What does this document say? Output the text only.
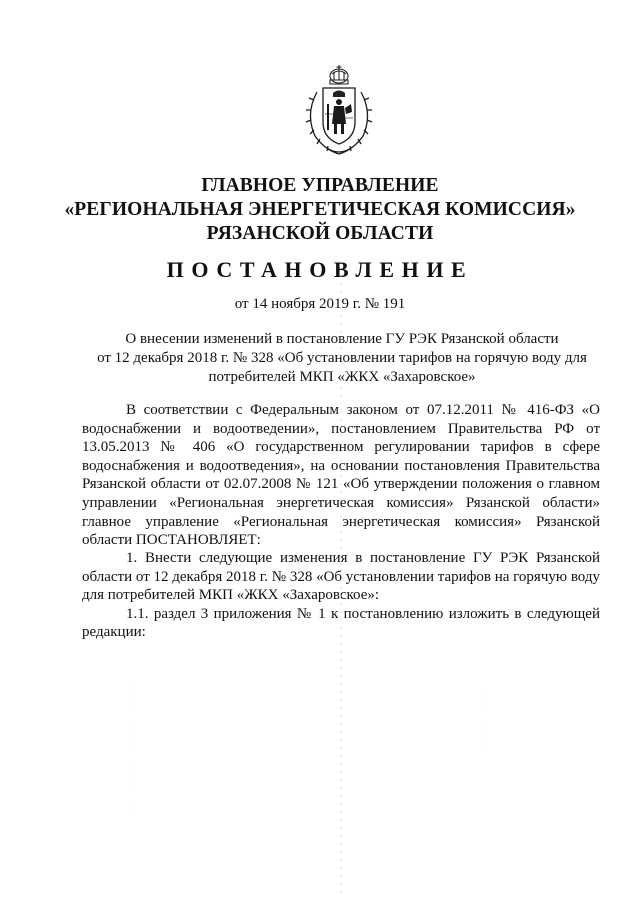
ГЛАВНОЕ УПРАВЛЕНИЕ

«РЕГИОНАЛЬНАЯ ЭНЕРГЕТИЧЕСКАЯ КОМИССИЯ»

РЯЗАНСКОЙ ОБЛАСТИ

ПОСТАНОВЛЕНИЕ
от 14 ноября 2019 г. № 191

О внесении изменений в постановление ГУ РЭК Рязанской области

от 12 декабря 2018 г. № 328 «Об установлении тарифов на горячую воду для

потребителей МКП «ЖКХ «Захаровское»

В соответствии с Федеральным законом от 07.12.2011 № 416-ФЗ «О водоснабжении и водоотведении», постановлением Правительства РФ от 13.05.2013 № 406 «О государственном регулировании тарифов в сфере водоснабжения и водоотведения», на основании постановления Правительства Рязанской области от 02.07.2008 № 121 «Об утверждении положения о главном управлении «Региональная энергетическая комиссия» Рязанской области» главное управление «Региональная энергетическая комиссия» Рязанской области ПОСТАНОВЛЯЕТ:

1. Внести следующие изменения в постановление ГУ РЭК Рязанской области от 12 декабря 2018 г. № 328 «Об установлении тарифов на горячую воду для потребителей МКП «ЖКХ «Захаровское»:

1.1. раздел 3 приложения № 1 к постановлению изложить в следующей редакции:
